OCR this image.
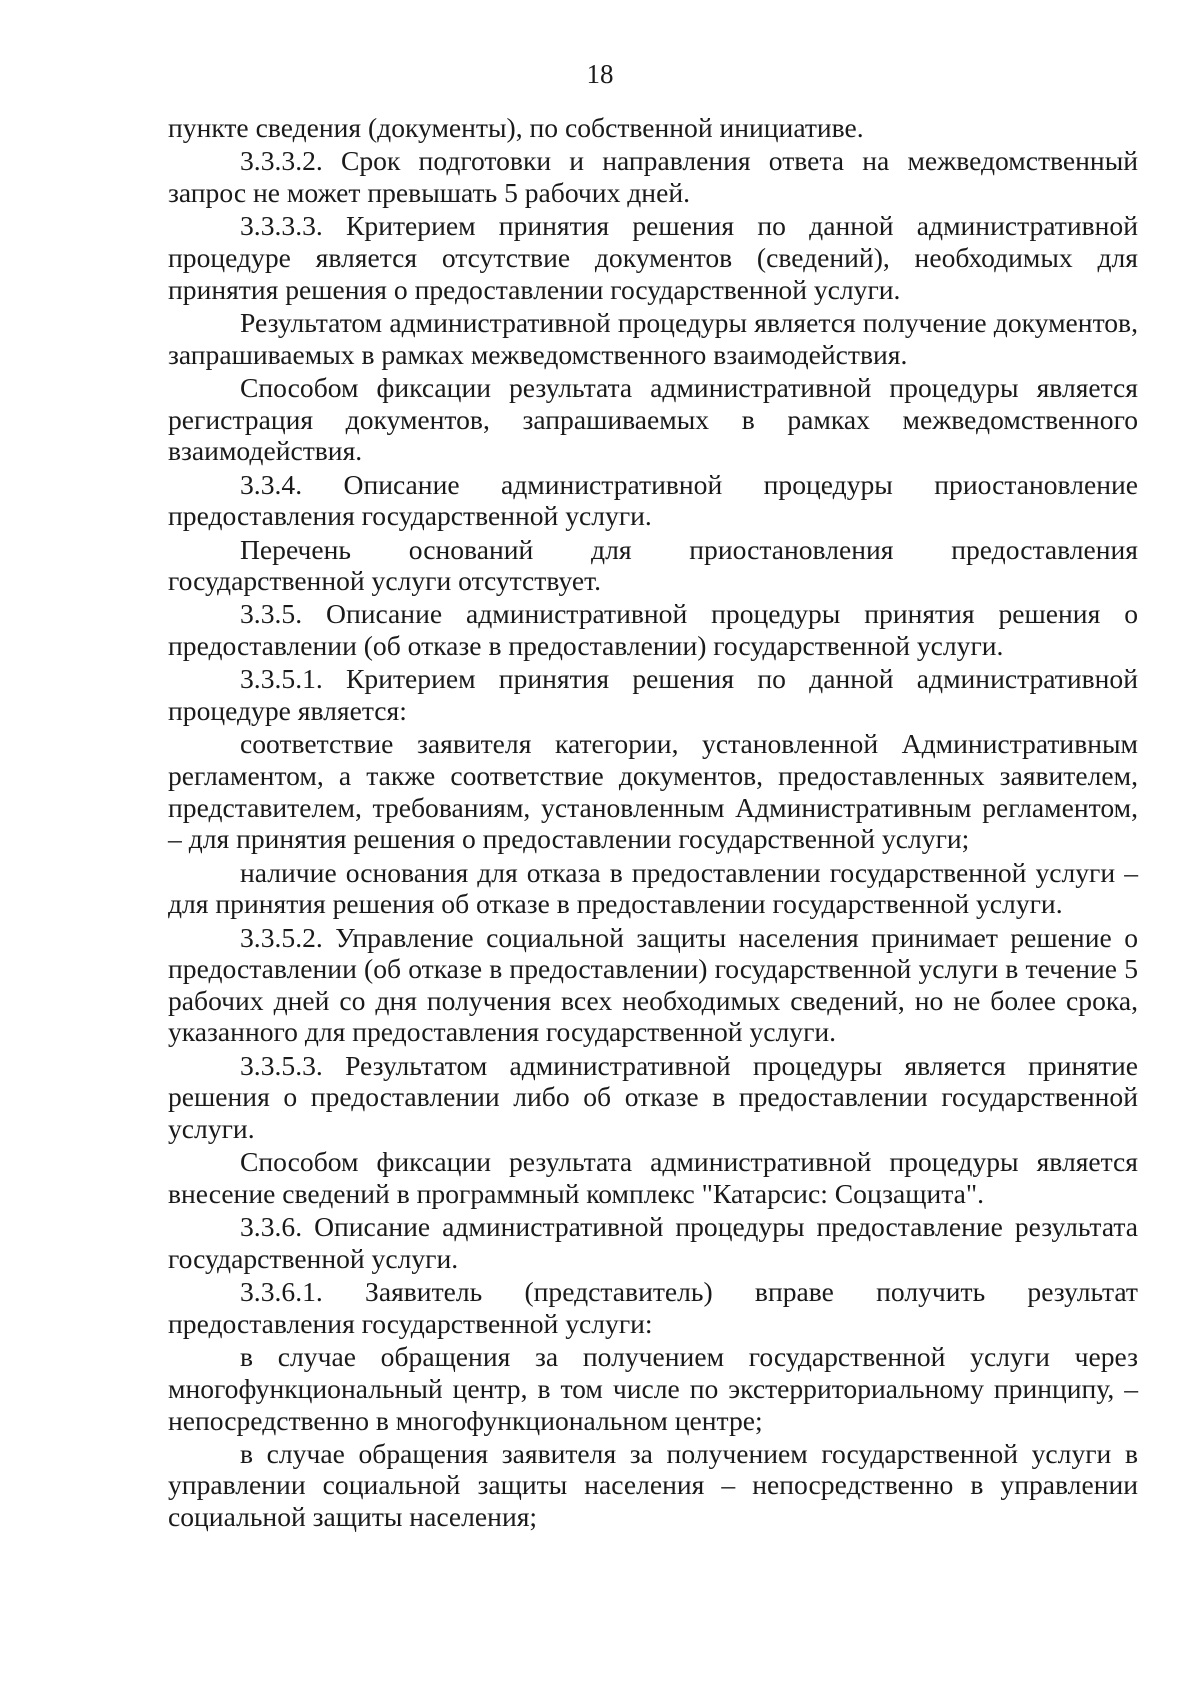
18

пункте сведения (документы), по собственной инициативе.

3.3.3.2. Срок подготовки и направления ответа на межведомственный запрос не может превышать 5 рабочих дней.

3.3.3.3. Критерием принятия решения по данной административной процедуре является отсутствие документов (сведений), необходимых для принятия решения о предоставлении государственной услуги.

Результатом административной процедуры является получение документов, запрашиваемых в рамках межведомственного взаимодействия.

Способом фиксации результата административной процедуры является регистрация документов, запрашиваемых в рамках межведомственного взаимодействия.

3.3.4. Описание административной процедуры приостановление предоставления государственной услуги.

Перечень оснований для приостановления предоставления государственной услуги отсутствует.

3.3.5. Описание административной процедуры принятия решения о предоставлении (об отказе в предоставлении) государственной услуги.

3.3.5.1. Критерием принятия решения по данной административной процедуре является:

соответствие заявителя категории, установленной Административным регламентом, а также соответствие документов, предоставленных заявителем, представителем, требованиям, установленным Административным регламентом, – для принятия решения о предоставлении государственной услуги;

наличие основания для отказа в предоставлении государственной услуги – для принятия решения об отказе в предоставлении государственной услуги.

3.3.5.2. Управление социальной защиты населения принимает решение о предоставлении (об отказе в предоставлении) государственной услуги в течение 5 рабочих дней со дня получения всех необходимых сведений, но не более срока, указанного для предоставления государственной услуги.

3.3.5.3. Результатом административной процедуры является принятие решения о предоставлении либо об отказе в предоставлении государственной услуги.

Способом фиксации результата административной процедуры является внесение сведений в программный комплекс "Катарсис: Соцзащита".

3.3.6. Описание административной процедуры предоставление результата государственной услуги.

3.3.6.1. Заявитель (представитель) вправе получить результат предоставления государственной услуги:

в случае обращения за получением государственной услуги через многофункциональный центр, в том числе по экстерриториальному принципу, – непосредственно в многофункциональном центре;

в случае обращения заявителя за получением государственной услуги в управлении социальной защиты населения – непосредственно в управлении социальной защиты населения;
